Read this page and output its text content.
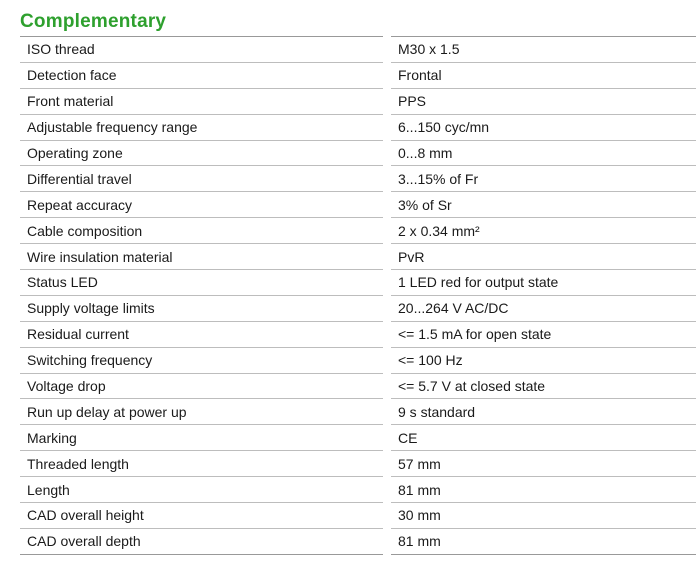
Complementary
ISO thread	M30 x 1.5
Detection face	Frontal
Front material	PPS
Adjustable frequency range	6...150 cyc/mn
Operating zone	0...8 mm
Differential travel	3...15% of Fr
Repeat accuracy	3% of Sr
Cable composition	2 x 0.34 mm²
Wire insulation material	PvR
Status LED	1 LED red for output state
Supply voltage limits	20...264 V AC/DC
Residual current	<= 1.5 mA for open state
Switching frequency	<= 100 Hz
Voltage drop	<= 5.7 V at closed state
Run up delay at power up	9 s standard
Marking	CE
Threaded length	57 mm
Length	81 mm
CAD overall height	30 mm
CAD overall depth	81 mm
